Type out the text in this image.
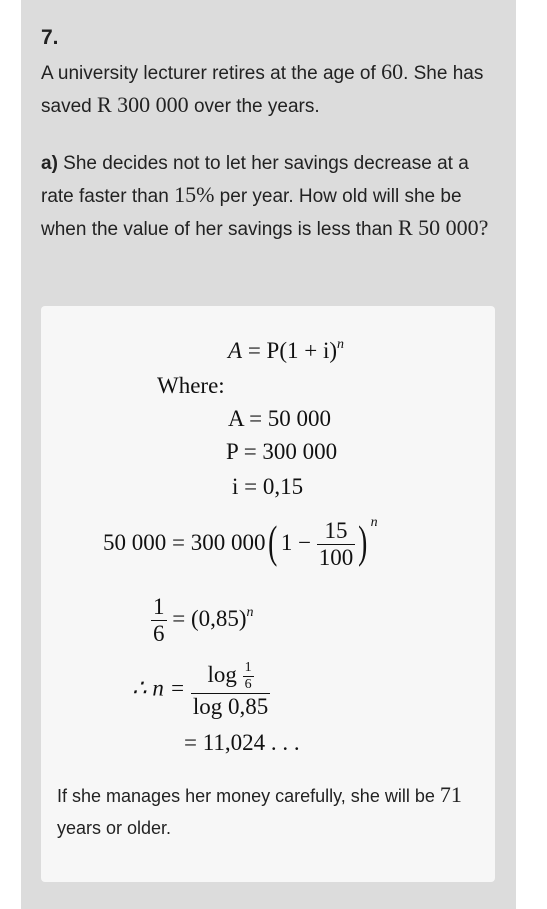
7.
A university lecturer retires at the age of 60. She has saved R 300 000 over the years.
a) She decides not to let her savings decrease at a rate faster than 15% per year. How old will she be when the value of her savings is less than R 50 000?
$A = P(1 + i)^n$
Where:
A = 50 000
P = 300 000
i = 0,15
50 000 = 300 000( $1 - \frac{15}{100}$ ) $^n$
$\frac{1}{6} = (0,85)^n$
∴ $n = \frac{\log \frac{1}{6}}{\log 0,85}$
= 11,024 . . .
If she manages her money carefully, she will be 71 years or older.
